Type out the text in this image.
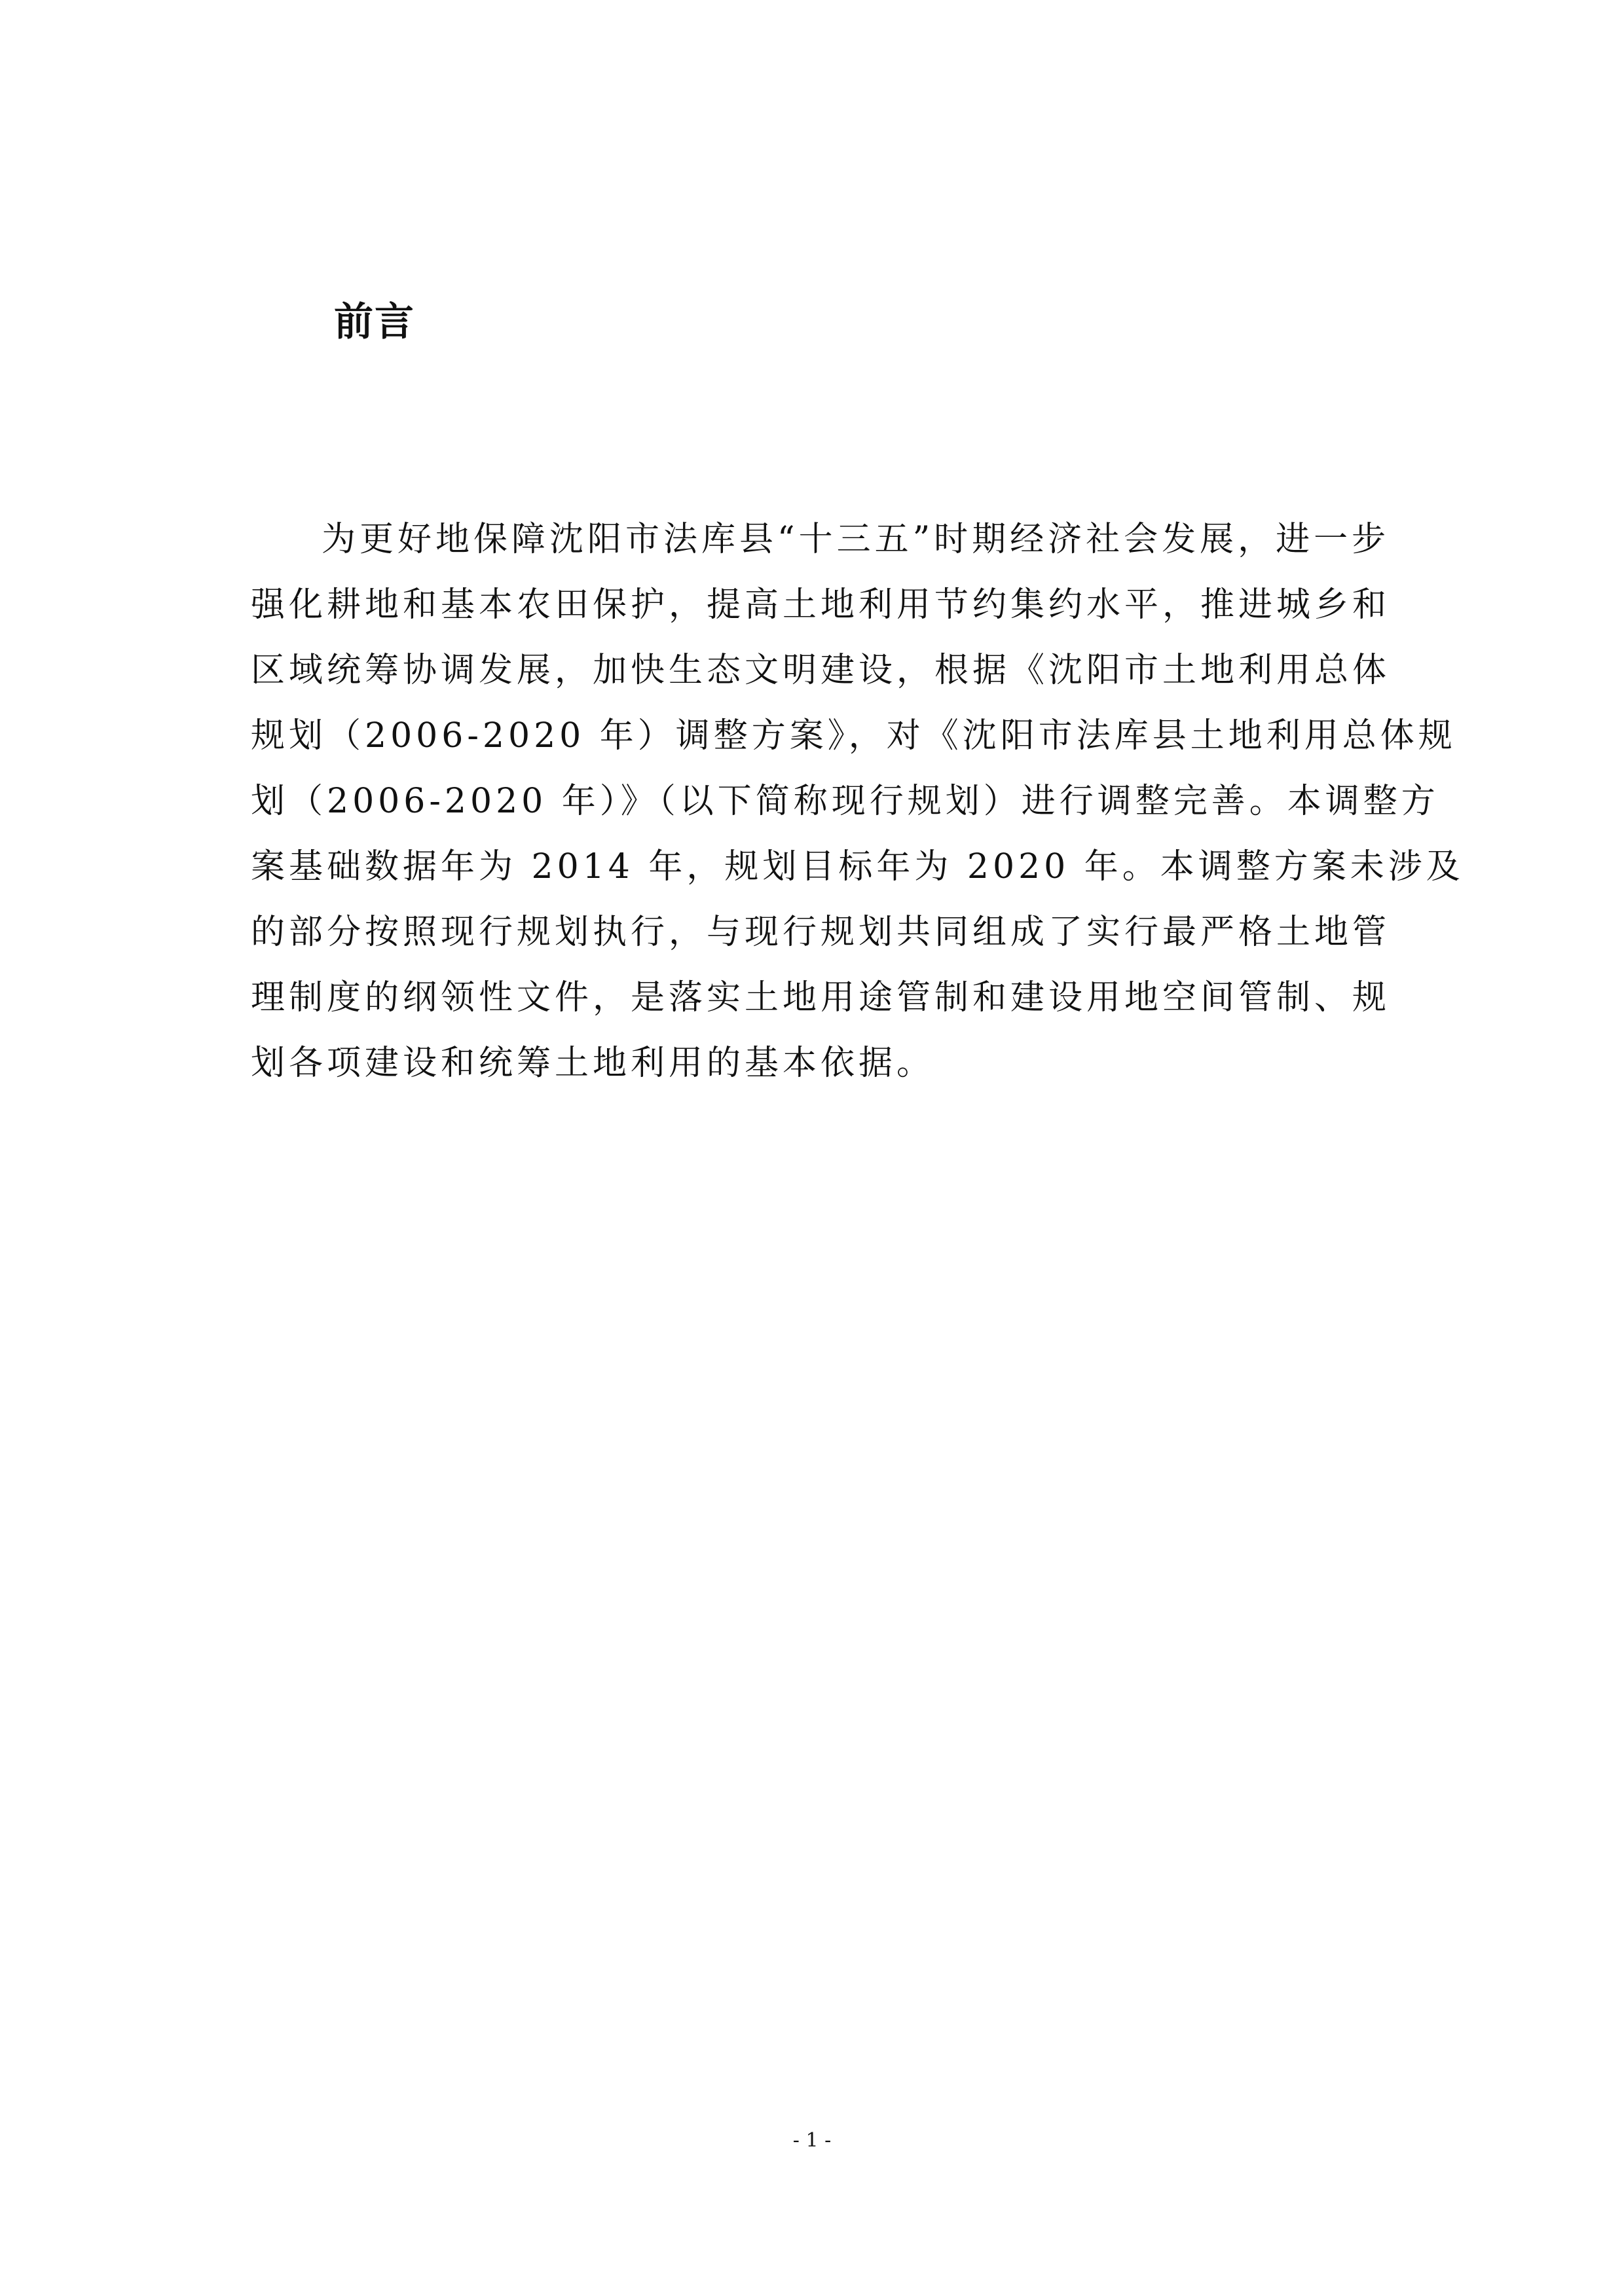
前言
为更好地保障沈阳市法库县“十三五”时期经济社会发展，进一步
强化耕地和基本农田保护，提高土地利用节约集约水平，推进城乡和
区域统筹协调发展，加快生态文明建设，根据《沈阳市土地利用总体
规划（2006-2020 年）调整方案》，对《沈阳市法库县土地利用总体规
划（2006-2020 年）》（以下简称现行规划）进行调整完善。本调整方
案基础数据年为 2014 年，规划目标年为 2020 年。本调整方案未涉及
的部分按照现行规划执行，与现行规划共同组成了实行最严格土地管
理制度的纲领性文件，是落实土地用途管制和建设用地空间管制、规
划各项建设和统筹土地利用的基本依据。
- 1 -
